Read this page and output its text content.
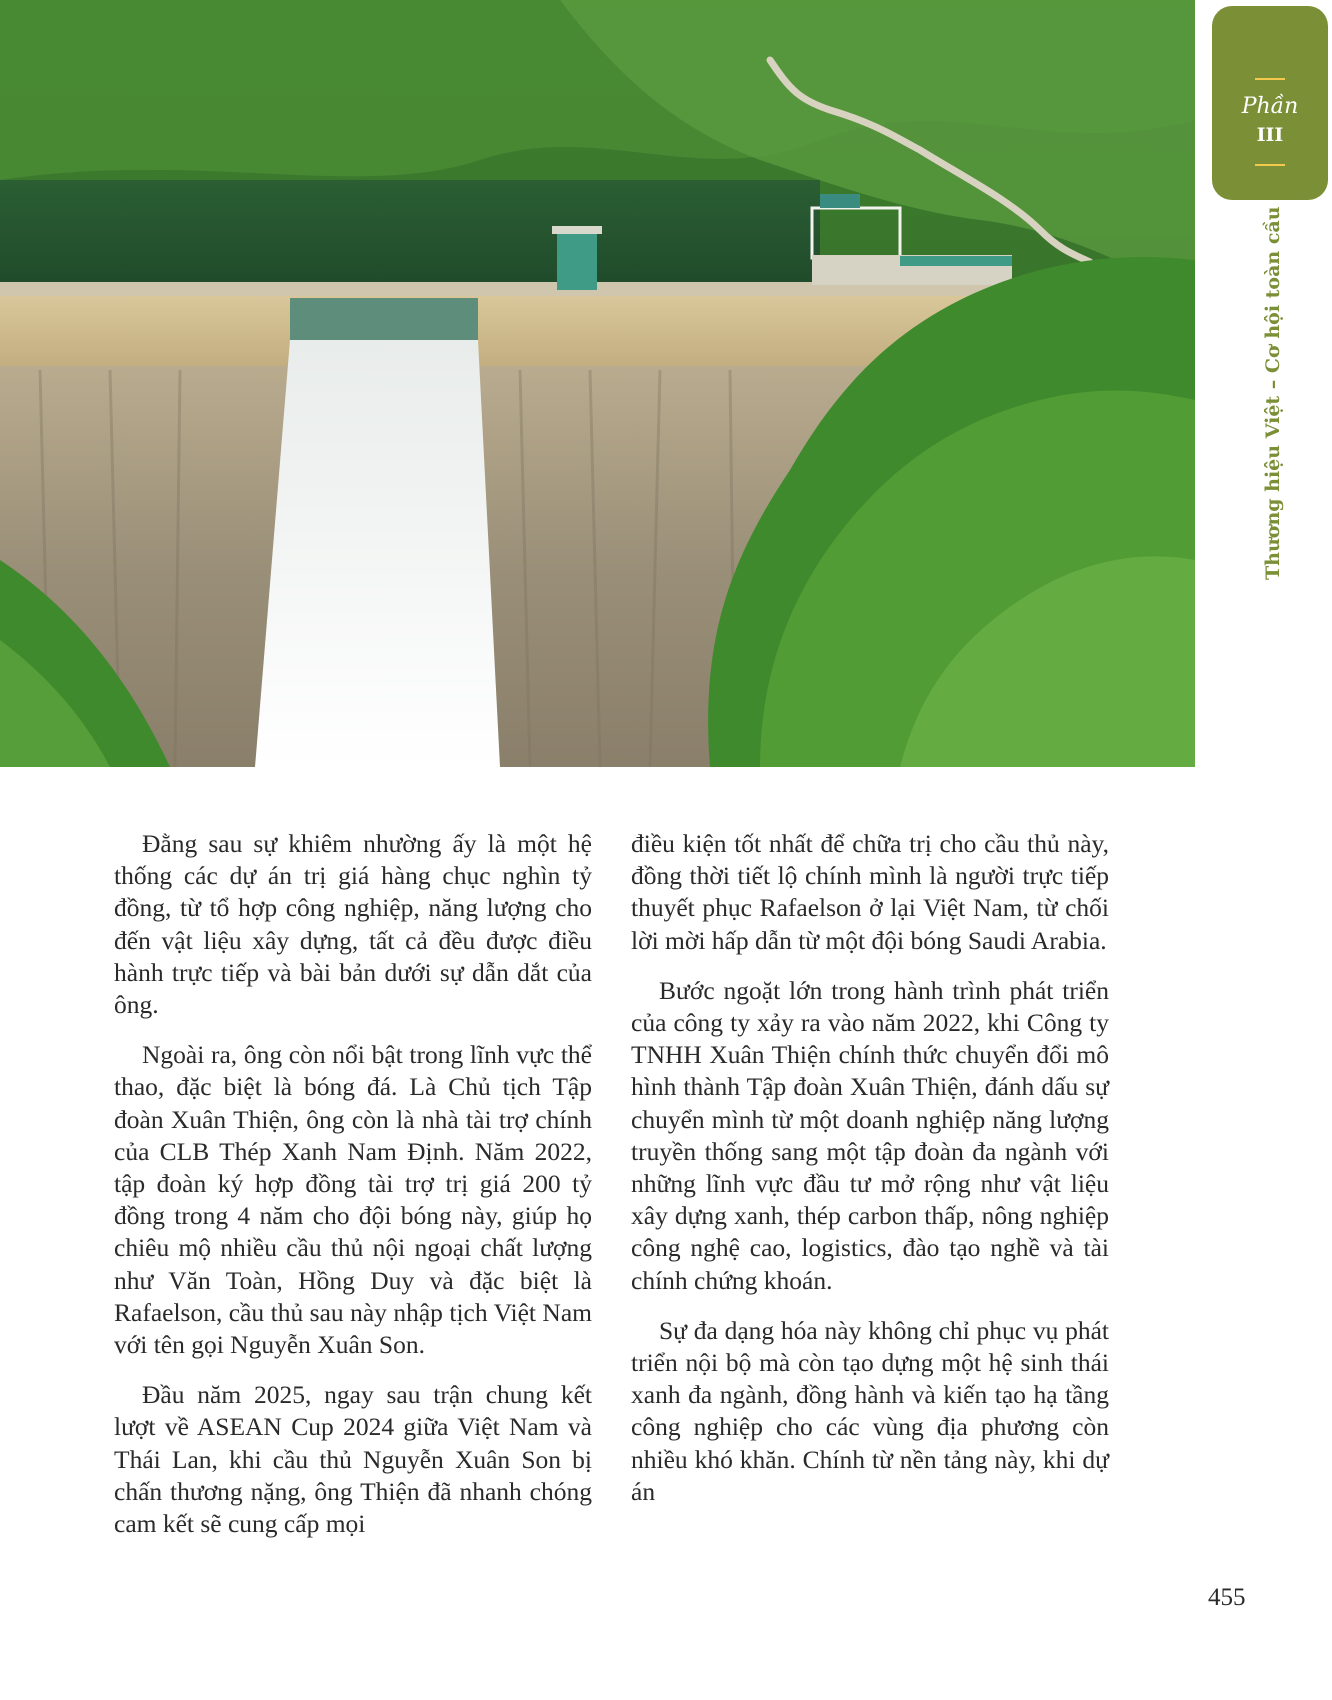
Phần
III
Thương hiệu Việt – Cơ hội toàn cầu

Đằng sau sự khiêm nhường ấy là một hệ thống các dự án trị giá hàng chục nghìn tỷ đồng, từ tổ hợp công nghiệp, năng lượng cho đến vật liệu xây dựng, tất cả đều được điều hành trực tiếp và bài bản dưới sự dẫn dắt của ông.

Ngoài ra, ông còn nổi bật trong lĩnh vực thể thao, đặc biệt là bóng đá. Là Chủ tịch Tập đoàn Xuân Thiện, ông còn là nhà tài trợ chính của CLB Thép Xanh Nam Định. Năm 2022, tập đoàn ký hợp đồng tài trợ trị giá 200 tỷ đồng trong 4 năm cho đội bóng này, giúp họ chiêu mộ nhiều cầu thủ nội ngoại chất lượng như Văn Toàn, Hồng Duy và đặc biệt là Rafaelson, cầu thủ sau này nhập tịch Việt Nam với tên gọi Nguyễn Xuân Son.

Đầu năm 2025, ngay sau trận chung kết lượt về ASEAN Cup 2024 giữa Việt Nam và Thái Lan, khi cầu thủ Nguyễn Xuân Son bị chấn thương nặng, ông Thiện đã nhanh chóng cam kết sẽ cung cấp mọi

điều kiện tốt nhất để chữa trị cho cầu thủ này, đồng thời tiết lộ chính mình là người trực tiếp thuyết phục Rafaelson ở lại Việt Nam, từ chối lời mời hấp dẫn từ một đội bóng Saudi Arabia.

Bước ngoặt lớn trong hành trình phát triển của công ty xảy ra vào năm 2022, khi Công ty TNHH Xuân Thiện chính thức chuyển đổi mô hình thành Tập đoàn Xuân Thiện, đánh dấu sự chuyển mình từ một doanh nghiệp năng lượng truyền thống sang một tập đoàn đa ngành với những lĩnh vực đầu tư mở rộng như vật liệu xây dựng xanh, thép carbon thấp, nông nghiệp công nghệ cao, logistics, đào tạo nghề và tài chính chứng khoán.

Sự đa dạng hóa này không chỉ phục vụ phát triển nội bộ mà còn tạo dựng một hệ sinh thái xanh đa ngành, đồng hành và kiến tạo hạ tầng công nghiệp cho các vùng địa phương còn nhiều khó khăn. Chính từ nền tảng này, khi dự án

455
